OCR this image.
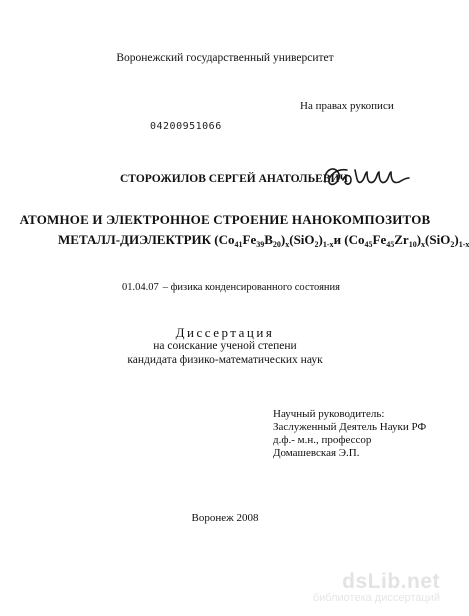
Воронежский государственный университет
На правах рукописи
04200951066
СТОРОЖИЛОВ СЕРГЕЙ АНАТОЛЬЕВИЧ
АТОМНОЕ И ЭЛЕКТРОННОЕ СТРОЕНИЕ НАНОКОМПОЗИТОВ
МЕТАЛЛ-ДИЭЛЕКТРИК $(Co_{41}Fe_{39}B_{20})_x(SiO_2)_{1-x}и$ $(Co_{45}Fe_{45}Zr_{10})_x(SiO_2)_{1-x}$
01.04.07 – физика конденсированного состояния
Диссертация
на соискание ученой степени
кандидата физико-математических наук
Научный руководитель:
Заслуженный Деятель Науки РФ
д.ф.- м.н., профессор
Домашевская Э.П.
Воронеж 2008
dsLib.net
библиотека диссертаций
